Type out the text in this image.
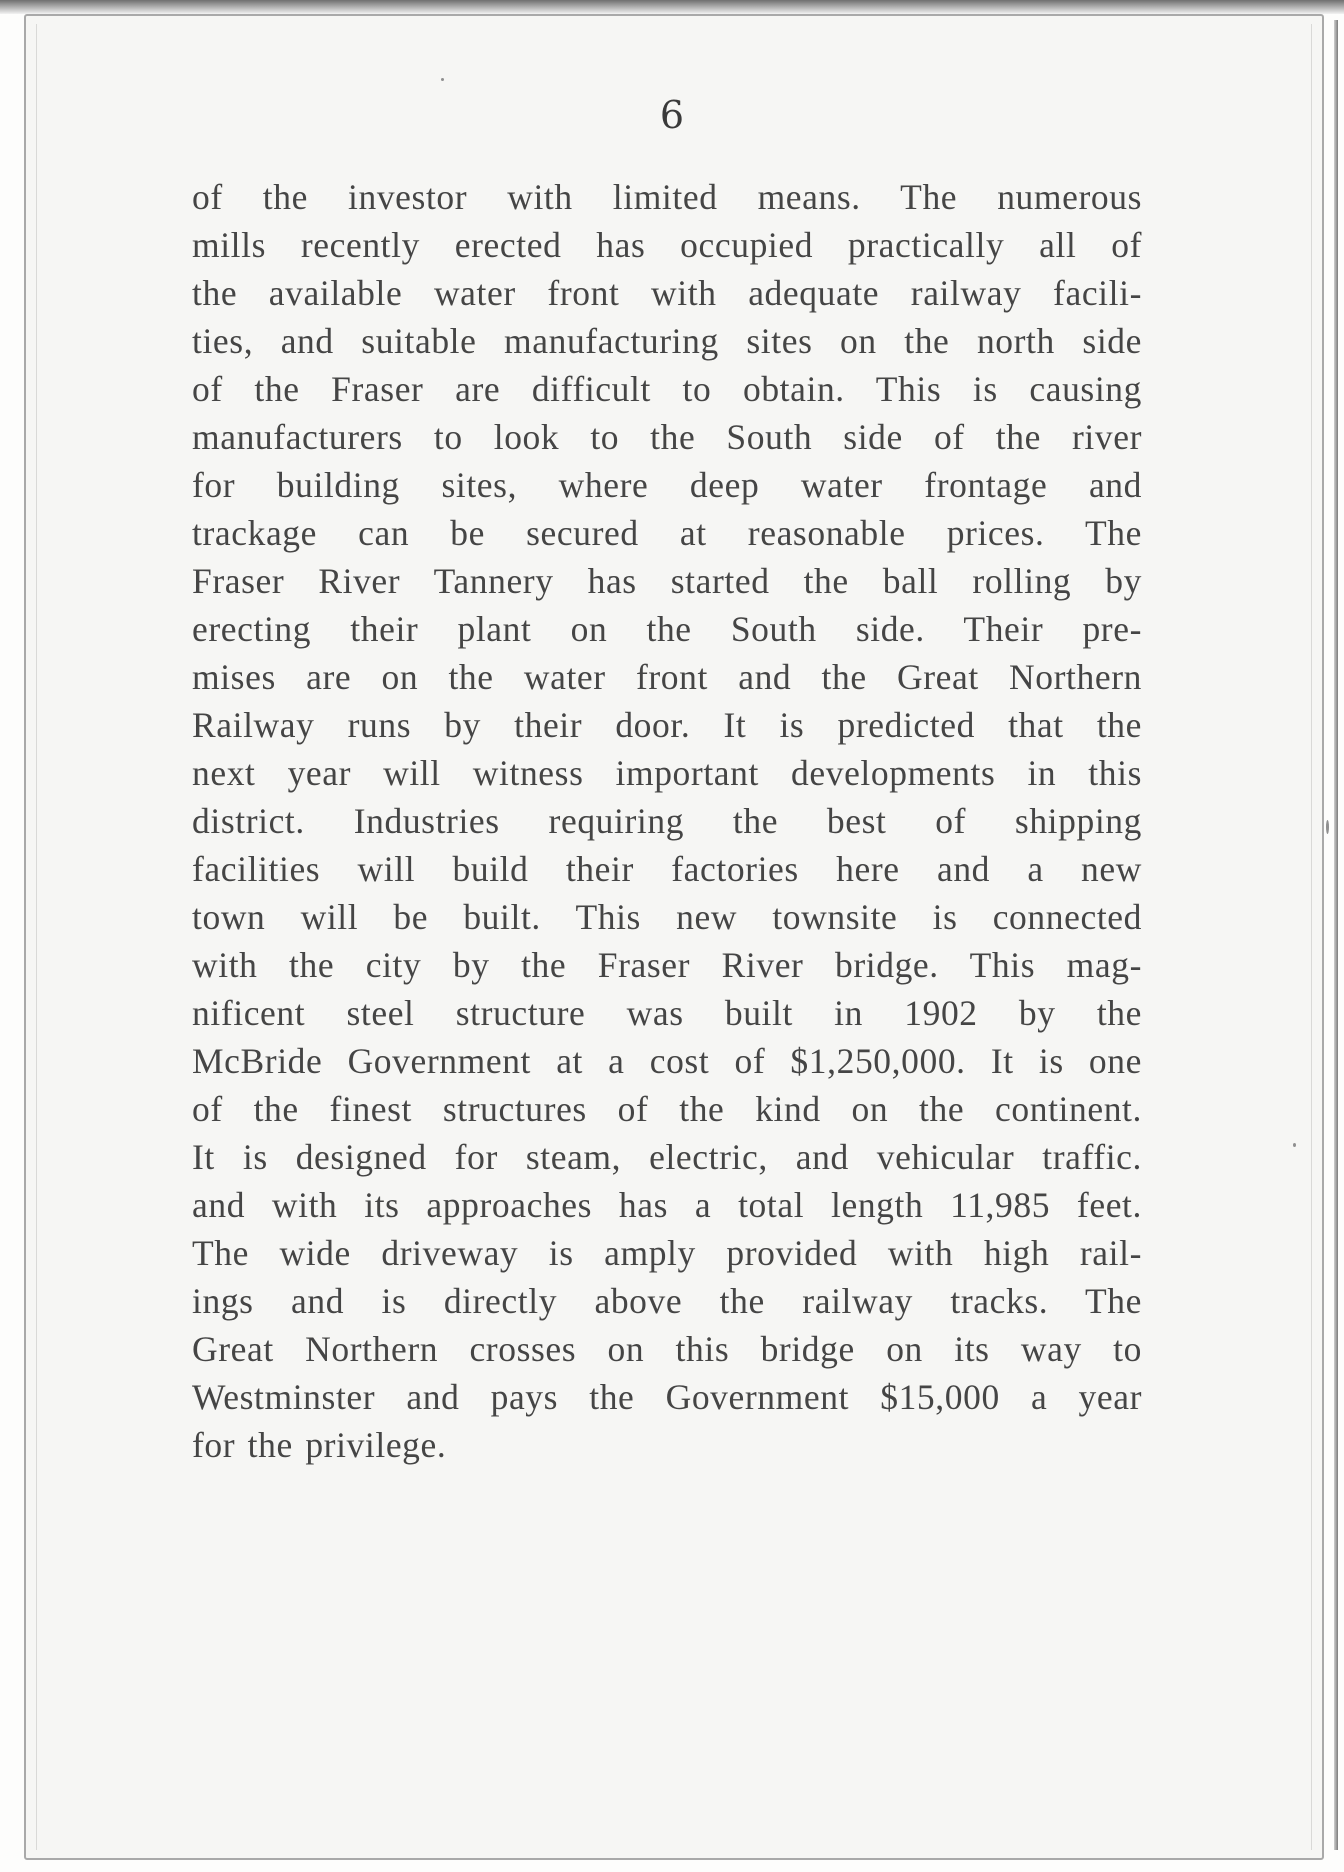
6
of the investor with limited means. The numerous
mills recently erected has occupied practically all of
the available water front with adequate railway facili-
ties, and suitable manufacturing sites on the north side
of the Fraser are difficult to obtain. This is causing
manufacturers to look to the South side of the river
for building sites, where deep water frontage and
trackage can be secured at reasonable prices. The
Fraser River Tannery has started the ball rolling by
erecting their plant on the South side. Their pre-
mises are on the water front and the Great Northern
Railway runs by their door. It is predicted that the
next year will witness important developments in this
district. Industries requiring the best of shipping
facilities will build their factories here and a new
town will be built. This new townsite is connected
with the city by the Fraser River bridge. This mag-
nificent steel structure was built in 1902 by the
McBride Government at a cost of $1,250,000. It is one
of the finest structures of the kind on the continent.
It is designed for steam, electric, and vehicular traffic.
and with its approaches has a total length 11,985 feet.
The wide driveway is amply provided with high rail-
ings and is directly above the railway tracks. The
Great Northern crosses on this bridge on its way to
Westminster and pays the Government $15,000 a year
for the privilege.
